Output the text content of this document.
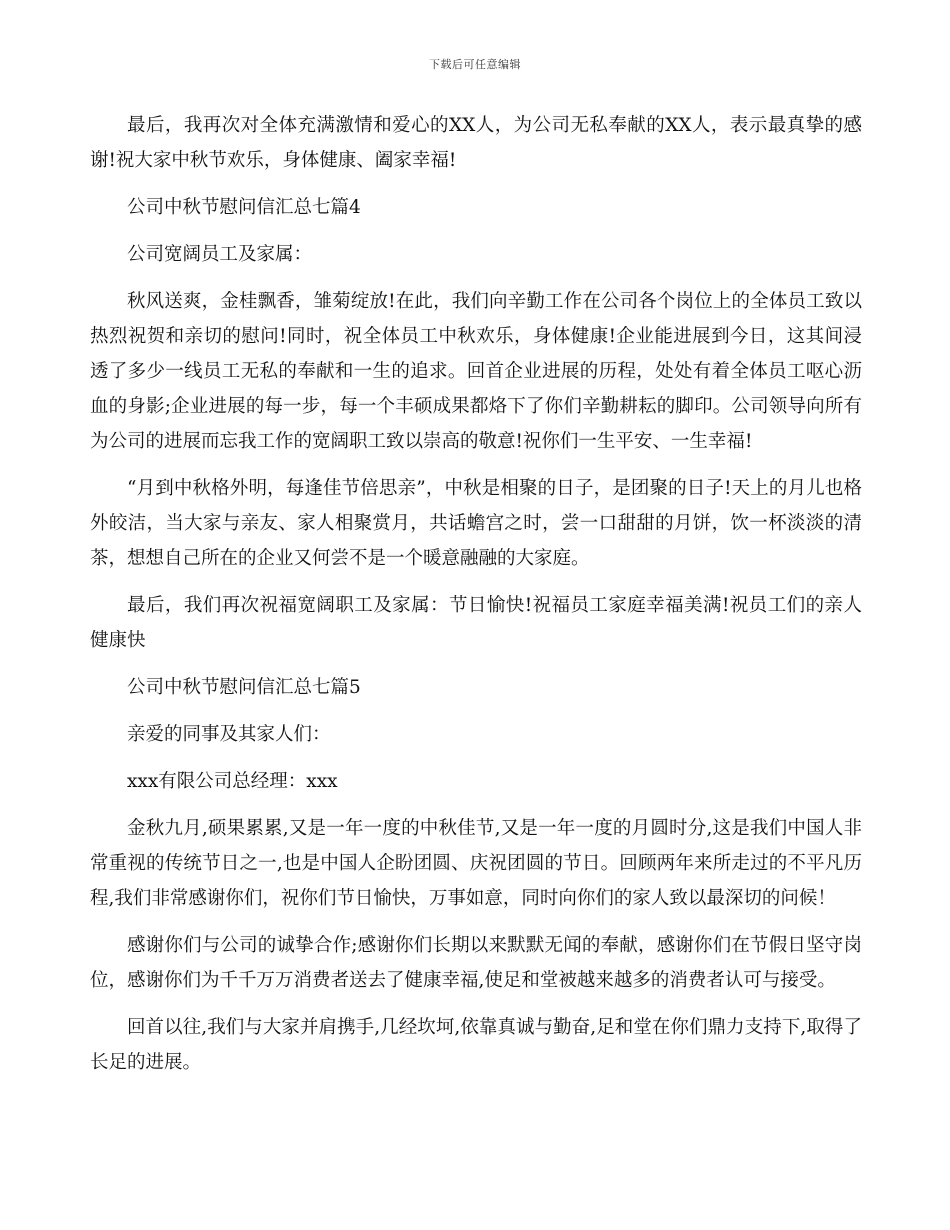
下载后可任意编辑

最后，我再次对全体充满激情和爱心的XX人，为公司无私奉献的XX人，表示最真挚的感谢!祝大家中秋节欢乐，身体健康、阖家幸福!

公司中秋节慰问信汇总七篇4

公司宽阔员工及家属：

秋风送爽，金桂飘香，雏菊绽放!在此，我们向辛勤工作在公司各个岗位上的全体员工致以热烈祝贺和亲切的慰问!同时，祝全体员工中秋欢乐，身体健康!企业能进展到今日，这其间浸透了多少一线员工无私的奉献和一生的追求。回首企业进展的历程，处处有着全体员工呕心沥血的身影;企业进展的每一步，每一个丰硕成果都烙下了你们辛勤耕耘的脚印。公司领导向所有为公司的进展而忘我工作的宽阔职工致以崇高的敬意!祝你们一生平安、一生幸福!

“月到中秋格外明，每逢佳节倍思亲”，中秋是相聚的日子，是团聚的日子!天上的月儿也格外皎洁，当大家与亲友、家人相聚赏月，共话蟾宫之时，尝一口甜甜的月饼，饮一杯淡淡的清茶，想想自己所在的企业又何尝不是一个暖意融融的大家庭。

最后，我们再次祝福宽阔职工及家属：节日愉快!祝福员工家庭幸福美满!祝员工们的亲人健康快

公司中秋节慰问信汇总七篇5

亲爱的同事及其家人们：

xxx有限公司总经理：xxx

金秋九月,硕果累累,又是一年一度的中秋佳节,又是一年一度的月圆时分,这是我们中国人非常重视的传统节日之一,也是中国人企盼团圆、庆祝团圆的节日。回顾两年来所走过的不平凡历程,我们非常感谢你们，祝你们节日愉快，万事如意，同时向你们的家人致以最深切的问候！

感谢你们与公司的诚挚合作;感谢你们长期以来默默无闻的奉献，感谢你们在节假日坚守岗位，感谢你们为千千万万消费者送去了健康幸福,使足和堂被越来越多的消费者认可与接受。

回首以往,我们与大家并肩携手,几经坎坷,依靠真诚与勤奋,足和堂在你们鼎力支持下,取得了长足的进展。
